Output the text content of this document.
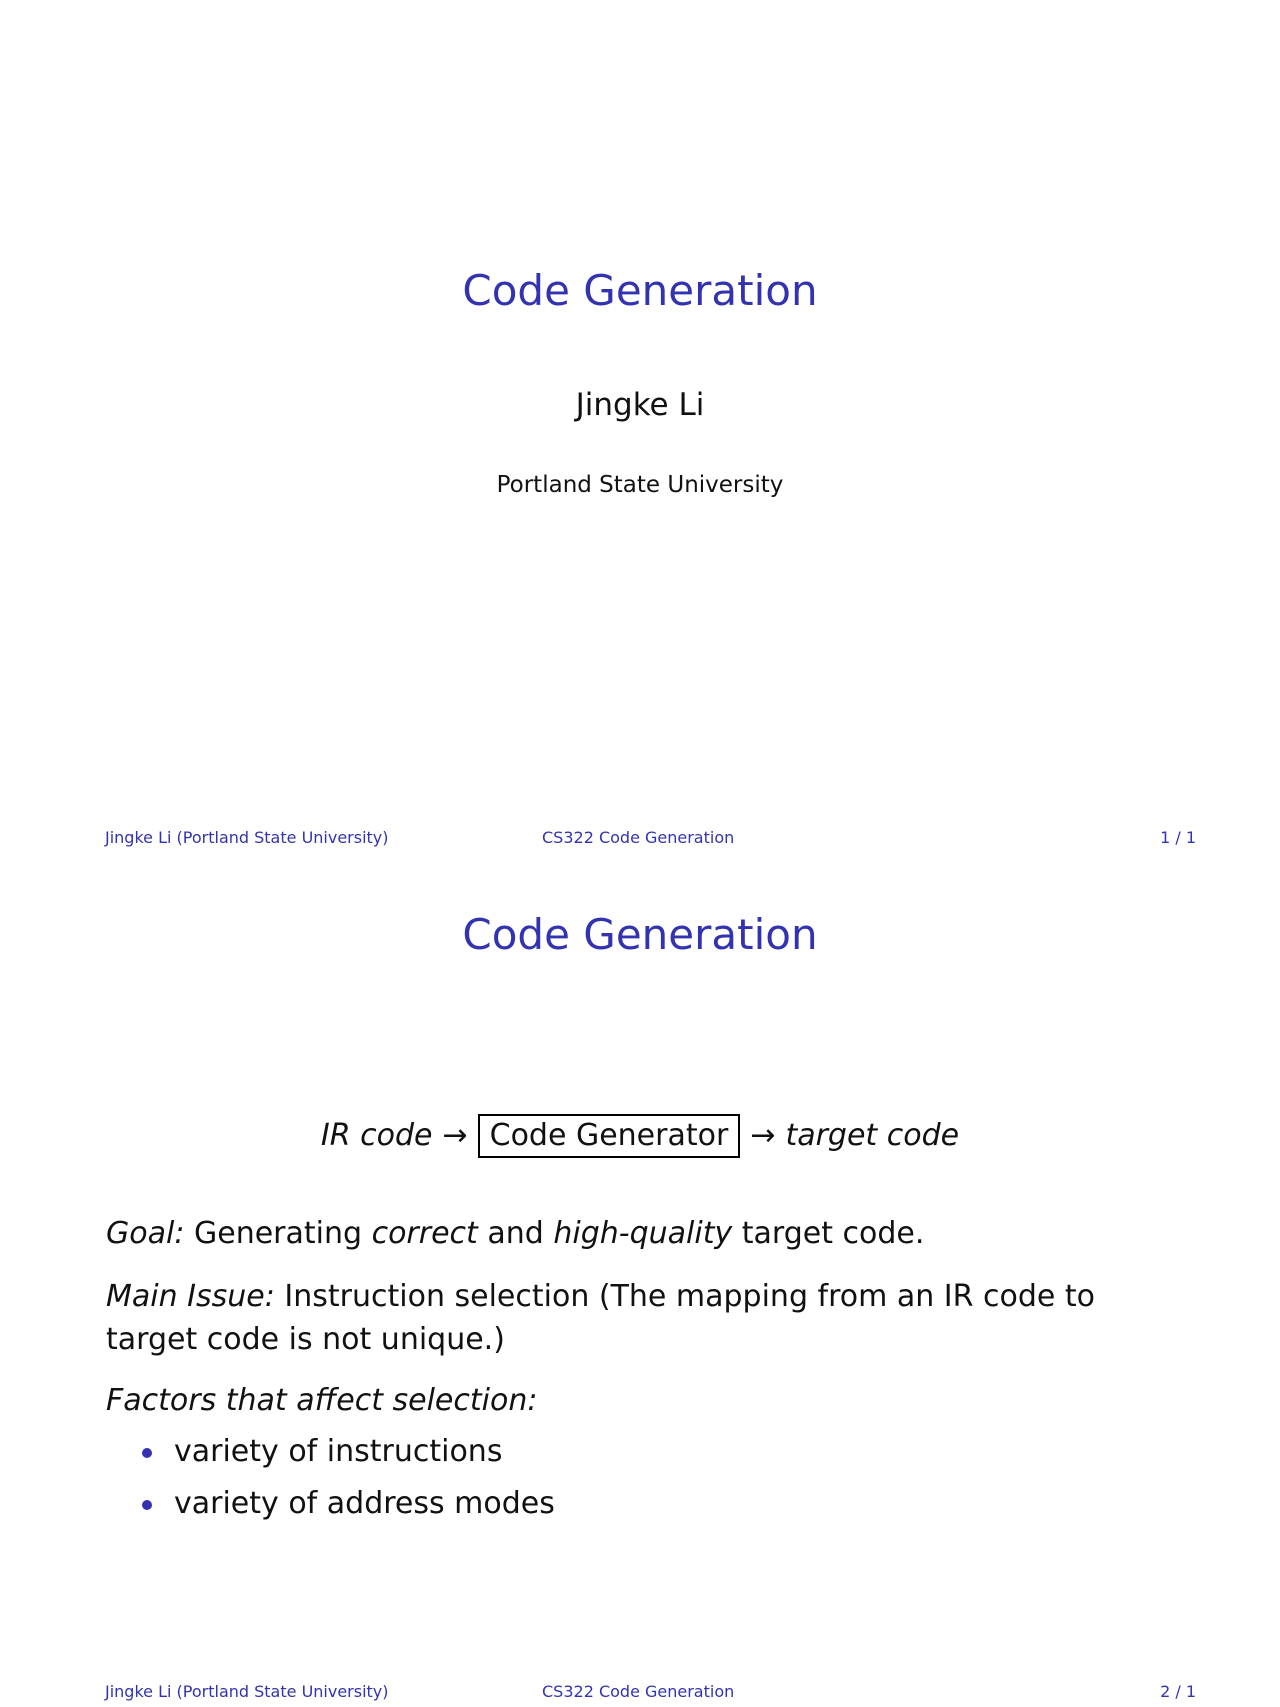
Code Generation
Jingke Li
Portland State University
Jingke Li (Portland State University)	CS322 Code Generation	1 / 1
Code Generation
IR code → Code Generator → target code
Goal: Generating correct and high-quality target code.
Main Issue: Instruction selection (The mapping from an IR code to target code is not unique.)
Factors that affect selection:
variety of instructions
variety of address modes
Jingke Li (Portland State University)	CS322 Code Generation	2 / 1
